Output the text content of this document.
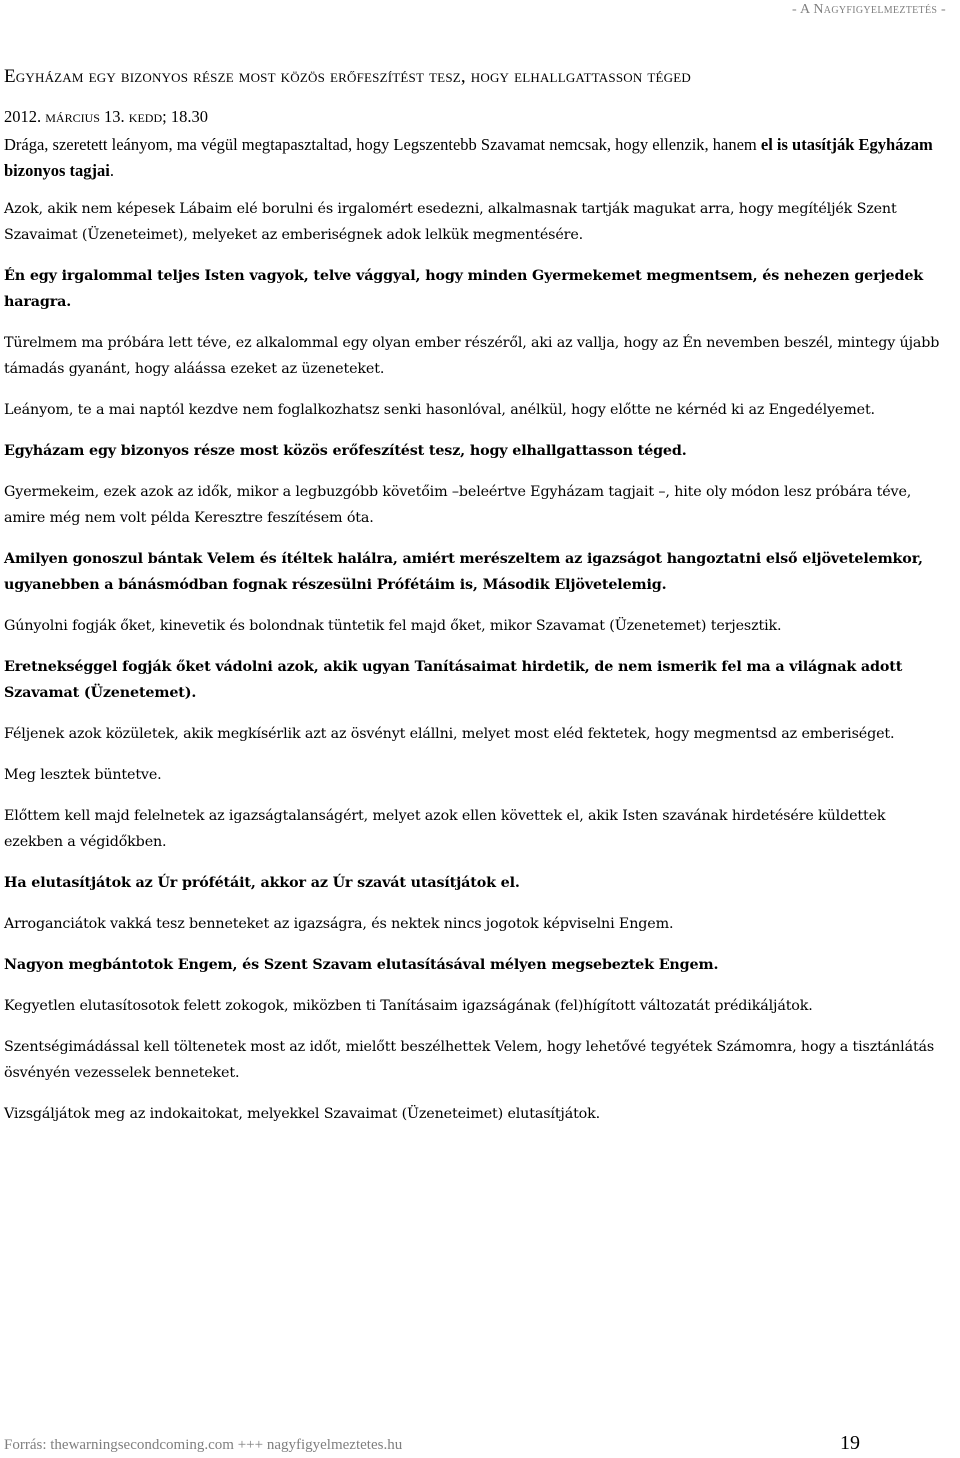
- A Nagyfigyelmeztetés -
Egyházam egy bizonyos része most közös erőfeszítést tesz, hogy elhallgattasson téged

2012. március 13. kedd; 18.30

Drága, szeretett leányom, ma végül megtapasztaltad, hogy Legszentebb Szavamat nemcsak, hogy ellenzik, hanem el is utasítják Egyházam bizonyos tagjai.

Azok, akik nem képesek Lábaim elé borulni és irgalomért esedezni, alkalmasnak tartják magukat arra, hogy megítéljék Szent Szavaimat (Üzeneteimet), melyeket az emberiségnek adok lelkük megmentésére.

Én egy irgalommal teljes Isten vagyok, telve vággyal, hogy minden Gyermekemet megmentsem, és nehezen gerjedek haragra.

Türelmem ma próbára lett téve, ez alkalommal egy olyan ember részéről, aki az vallja, hogy az Én nevemben beszél, mintegy újabb támadás gyanánt, hogy aláássa ezeket az üzeneteket.

Leányom, te a mai naptól kezdve nem foglalkozhatsz senki hasonlóval, anélkül, hogy előtte ne kérnéd ki az Engedélyemet.

Egyházam egy bizonyos része most közös erőfeszítést tesz, hogy elhallgattasson téged.

Gyermekeim, ezek azok az idők, mikor a legbuzgóbb követőim –beleértve Egyházam tagjait –, hite oly módon lesz próbára téve, amire még nem volt példa Keresztre feszítésem óta.

Amilyen gonoszul bántak Velem és ítéltek halálra, amiért merészeltem az igazságot hangoztatni első eljövetelemkor, ugyanebben a bánásmódban fognak részesülni Prófétáim is, Második Eljövetelemig.

Gúnyolni fogják őket, kinevetik és bolondnak tüntetik fel majd őket, mikor Szavamat (Üzenetemet) terjesztik.

Eretnekséggel fogják őket vádolni azok, akik ugyan Tanításaimat hirdetik, de nem ismerik fel ma a világnak adott Szavamat (Üzenetemet).

Féljenek azok közületek, akik megkísérlik azt az ösvényt elállni, melyet most eléd fektetek, hogy megmentsd az emberiséget.

Meg lesztek büntetve.

Előttem kell majd felelnetek az igazságtalanságért, melyet azok ellen követtek el, akik Isten szavának hirdetésére küldettek ezekben a végidőkben.

Ha elutasítjátok az Úr prófétáit, akkor az Úr szavát utasítjátok el.

Arroganciátok vakká tesz benneteket az igazságra, és nektek nincs jogotok képviselni Engem.

Nagyon megbántotok Engem, és Szent Szavam elutasításával mélyen megsebeztek Engem.

Kegyetlen elutasítosotok felett zokogok, miközben ti Tanításaim igazságának (fel)hígított változatát prédikáljátok.

Szentségimádással kell töltenetek most az időt, mielőtt beszélhettek Velem, hogy lehetővé tegyétek Számomra, hogy a tisztánlátás ösvényén vezesselek benneteket.

Vizsgáljátok meg az indokaitokat, melyekkel Szavaimat (Üzeneteimet) elutasítjátok.

Forrás: thewarningsecondcoming.com +++ nagyfigyelmeztetes.hu	19
